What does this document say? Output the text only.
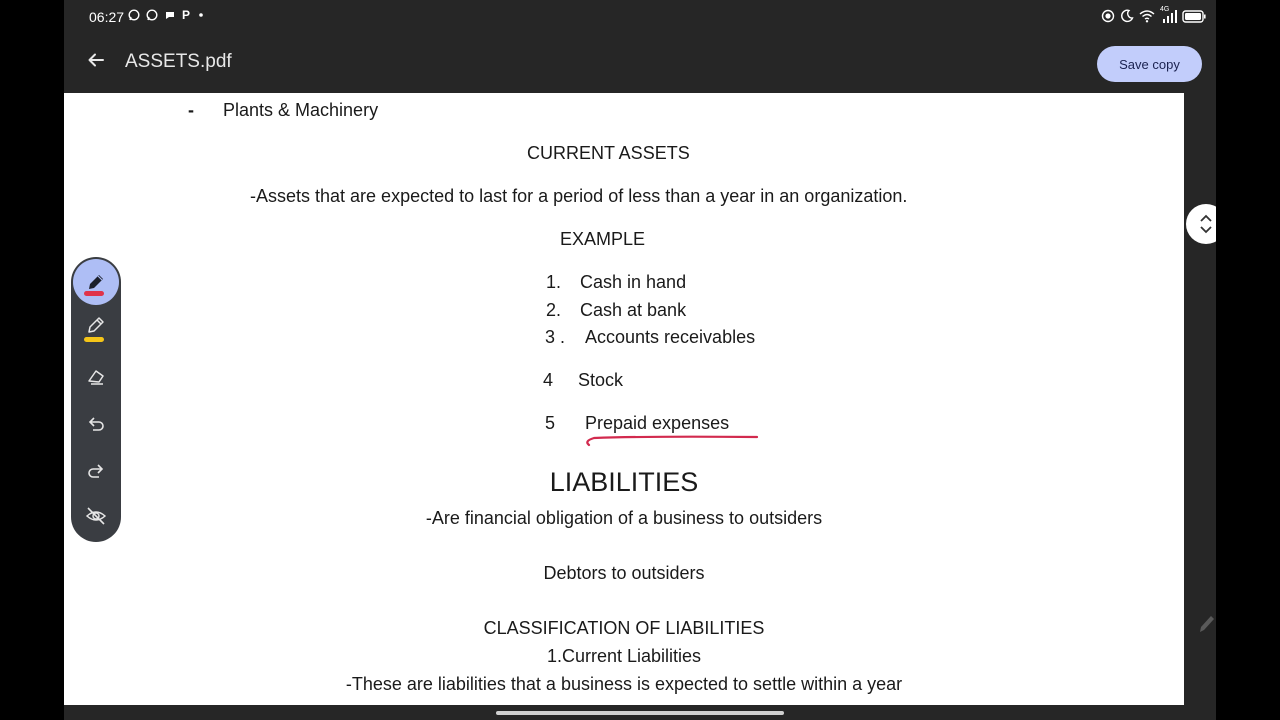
06:27	P	4G
ASSETS.pdf	Save copy
- Plants & Machinery
CURRENT ASSETS
-Assets that are expected to last for a period of less than a year in an organization.
EXAMPLE
1. Cash in hand
2. Cash at bank
3 . Accounts receivables
4 Stock
5 Prepaid expenses
LIABILITIES
-Are financial obligation of a business to outsiders
Debtors to outsiders
CLASSIFICATION OF LIABILITIES
1.Current Liabilities
-These are liabilities that a business is expected to settle within a year
